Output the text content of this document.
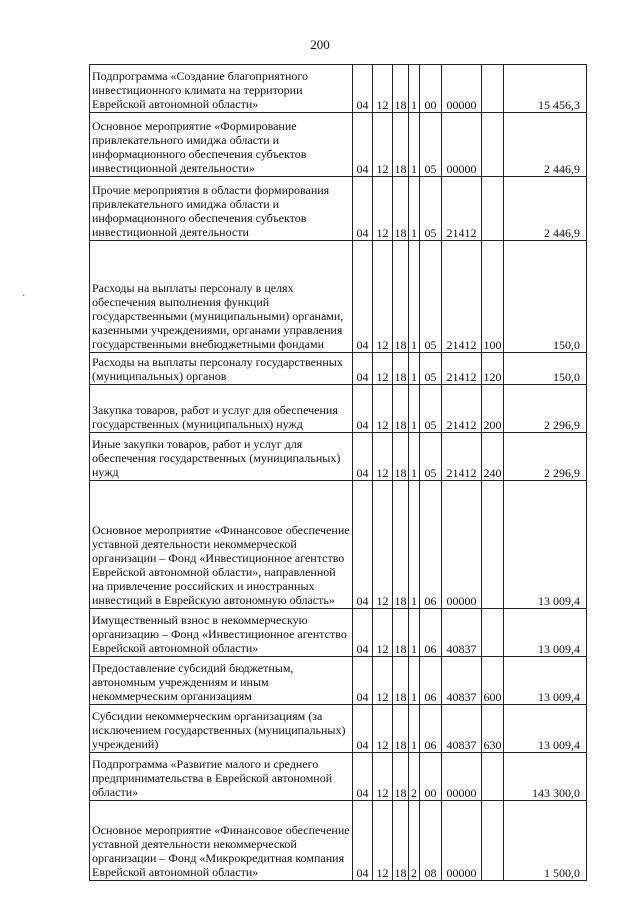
200
·
Подпрограмма «Создание благоприятного инвестиционного климата на территории Еврейской автономной области»	04	12	18	1	00	00000		15 456,3
Основное мероприятие «Формирование привлекательного имиджа области и информационного обеспечения субъектов инвестиционной деятельности»	04	12	18	1	05	00000		2 446,9
Прочие мероприятия в области формирования привлекательного имиджа области и информационного обеспечения субъектов инвестиционной деятельности	04	12	18	1	05	21412		2 446,9
Расходы на выплаты персоналу в целях обеспечения выполнения функций государственными (муниципальными) органами, казенными учреждениями, органами управления государственными внебюджетными фондами	04	12	18	1	05	21412	100	150,0
Расходы на выплаты персоналу государственных (муниципальных) органов	04	12	18	1	05	21412	120	150,0
Закупка товаров, работ и услуг для обеспечения государственных (муниципальных) нужд	04	12	18	1	05	21412	200	2 296,9
Иные закупки товаров, работ и услуг для обеспечения государственных (муниципальных) нужд	04	12	18	1	05	21412	240	2 296,9
Основное мероприятие «Финансовое обеспечение уставной деятельности некоммерческой организации – Фонд «Инвестиционное агентство Еврейской автономной области», направленной на привлечение российских и иностранных инвестиций в Еврейскую автономную область»	04	12	18	1	06	00000		13 009,4
Имущественный взнос в некоммерческую организацию – Фонд «Инвестиционное агентство Еврейской автономной области»	04	12	18	1	06	40837		13 009,4
Предоставление субсидий бюджетным, автономным учреждениям и иным некоммерческим организациям	04	12	18	1	06	40837	600	13 009,4
Субсидии некоммерческим организациям (за исключением государственных (муниципальных) учреждений)	04	12	18	1	06	40837	630	13 009,4
Подпрограмма «Развитие малого и среднего предпринимательства в Еврейской автономной области»	04	12	18	2	00	00000		143 300,0
Основное мероприятие «Финансовое обеспечение уставной деятельности некоммерческой организации – Фонд «Микрокредитная компания Еврейской автономной области»	04	12	18	2	08	00000		1 500,0
